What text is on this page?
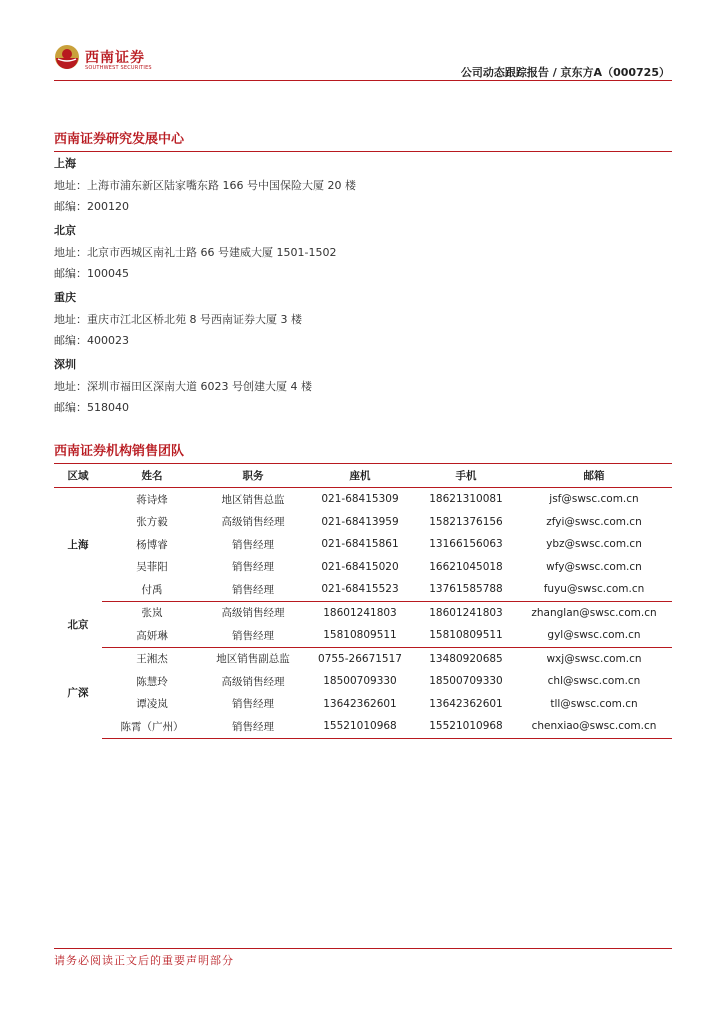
西南证券
SOUTHWEST SECURITIES	公司动态跟踪报告 / 京东方A（000725）
西南证券研究发展中心
上海
地址：上海市浦东新区陆家嘴东路 166 号中国保险大厦 20 楼
邮编：200120
北京
地址：北京市西城区南礼士路 66 号建威大厦 1501-1502
邮编：100045
重庆
地址：重庆市江北区桥北苑 8 号西南证券大厦 3 楼
邮编：400023
深圳
地址：深圳市福田区深南大道 6023 号创建大厦 4 楼
邮编：518040
西南证券机构销售团队
区域	姓名	职务	座机	手机	邮箱
上海	蒋诗烽	地区销售总监	021-68415309	18621310081	jsf@swsc.com.cn
	张方毅	高级销售经理	021-68413959	15821376156	zfyi@swsc.com.cn
	杨博睿	销售经理	021-68415861	13166156063	ybz@swsc.com.cn
	吴菲阳	销售经理	021-68415020	16621045018	wfy@swsc.com.cn
	付禹	销售经理	021-68415523	13761585788	fuyu@swsc.com.cn
北京	张岚	高级销售经理	18601241803	18601241803	zhanglan@swsc.com.cn
	高妍琳	销售经理	15810809511	15810809511	gyl@swsc.com.cn
广深	王湘杰	地区销售副总监	0755-26671517	13480920685	wxj@swsc.com.cn
	陈慧玲	高级销售经理	18500709330	18500709330	chl@swsc.com.cn
	谭凌岚	销售经理	13642362601	13642362601	tll@swsc.com.cn
	陈霄（广州）	销售经理	15521010968	15521010968	chenxiao@swsc.com.cn
请务必阅读正文后的重要声明部分
